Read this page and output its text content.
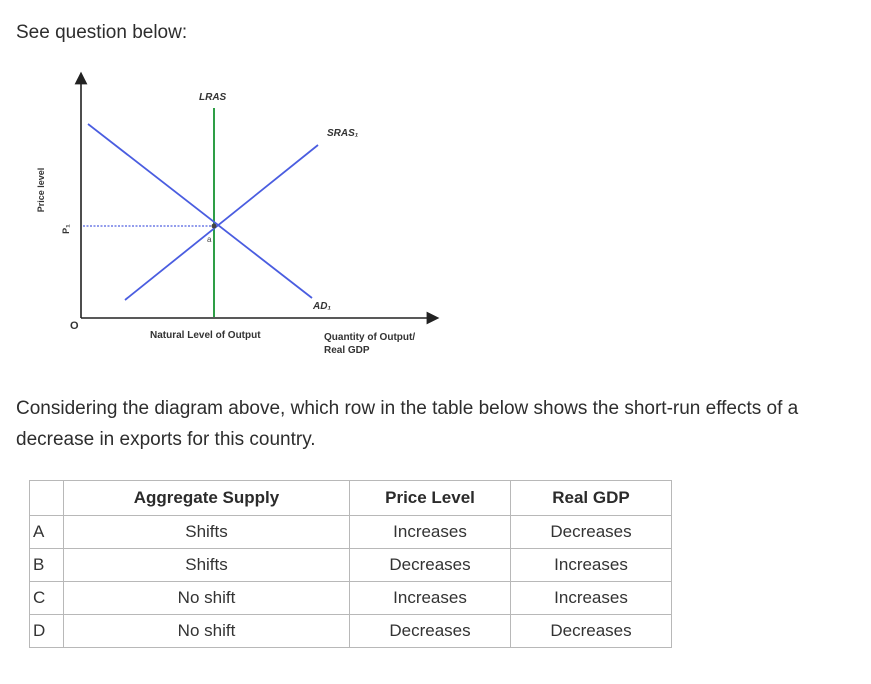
See question below:

Price level
P₁
O
a
LRAS
SRAS₁
AD₁
Natural Level of Output	Quantity of Output/
Real GDP

Considering the diagram above, which row in the table below shows the short-run effects of a decrease in exports for this country.

	Aggregate Supply	Price Level	Real GDP
A	Shifts	Increases	Decreases
B	Shifts	Decreases	Increases
C	No shift	Increases	Increases
D	No shift	Decreases	Decreases
